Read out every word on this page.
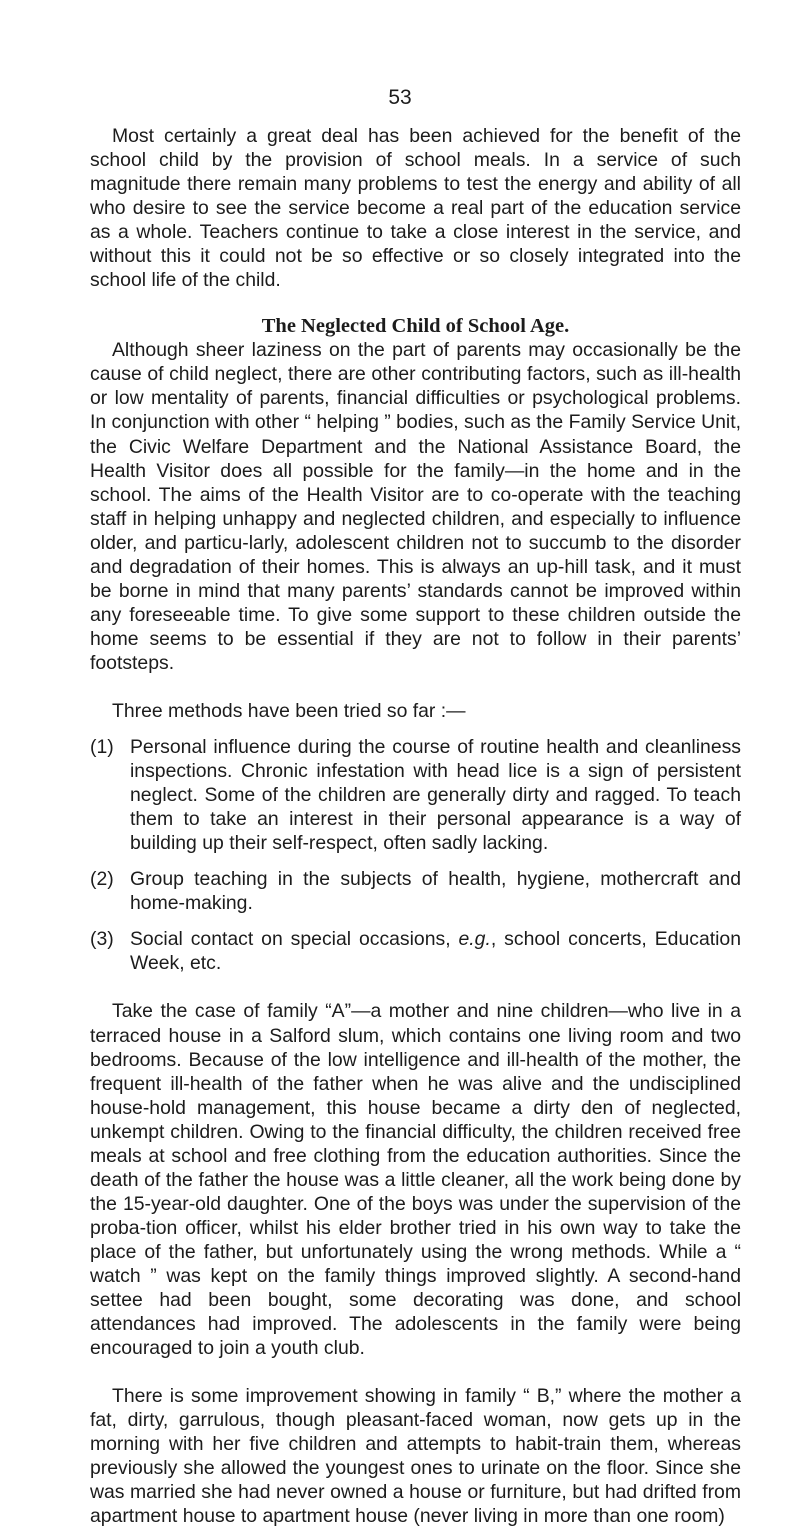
53

Most certainly a great deal has been achieved for the benefit of the school child by the provision of school meals. In a service of such magnitude there remain many problems to test the energy and ability of all who desire to see the service become a real part of the education service as a whole. Teachers continue to take a close interest in the service, and without this it could not be so effective or so closely integrated into the school life of the child.

The Neglected Child of School Age.

Although sheer laziness on the part of parents may occasionally be the cause of child neglect, there are other contributing factors, such as ill-health or low mentality of parents, financial difficulties or psychological problems. In conjunction with other “ helping ” bodies, such as the Family Service Unit, the Civic Welfare Department and the National Assistance Board, the Health Visitor does all possible for the family—in the home and in the school. The aims of the Health Visitor are to co-operate with the teaching staff in helping unhappy and neglected children, and especially to influence older, and particu-larly, adolescent children not to succumb to the disorder and degradation of their homes. This is always an up-hill task, and it must be borne in mind that many parents’ standards cannot be improved within any foreseeable time. To give some support to these children outside the home seems to be essential if they are not to follow in their parents’ footsteps.

Three methods have been tried so far :—

(1) Personal influence during the course of routine health and cleanliness inspections. Chronic infestation with head lice is a sign of persistent neglect. Some of the children are generally dirty and ragged. To teach them to take an interest in their personal appearance is a way of building up their self-respect, often sadly lacking.
(2) Group teaching in the subjects of health, hygiene, mothercraft and home-making.
(3) Social contact on special occasions, e.g., school concerts, Education Week, etc.

Take the case of family “A”—a mother and nine children—who live in a terraced house in a Salford slum, which contains one living room and two bedrooms. Because of the low intelligence and ill-health of the mother, the frequent ill-health of the father when he was alive and the undisciplined house-hold management, this house became a dirty den of neglected, unkempt children. Owing to the financial difficulty, the children received free meals at school and free clothing from the education authorities. Since the death of the father the house was a little cleaner, all the work being done by the 15-year-old daughter. One of the boys was under the supervision of the proba-tion officer, whilst his elder brother tried in his own way to take the place of the father, but unfortunately using the wrong methods. While a “ watch ” was kept on the family things improved slightly. A second-hand settee had been bought, some decorating was done, and school attendances had improved. The adolescents in the family were being encouraged to join a youth club.

There is some improvement showing in family “ B,” where the mother a fat, dirty, garrulous, though pleasant-faced woman, now gets up in the morning with her five children and attempts to habit-train them, whereas previously she allowed the youngest ones to urinate on the floor. Since she was married she had never owned a house or furniture, but had drifted from apartment house to apartment house (never living in more than one room)
